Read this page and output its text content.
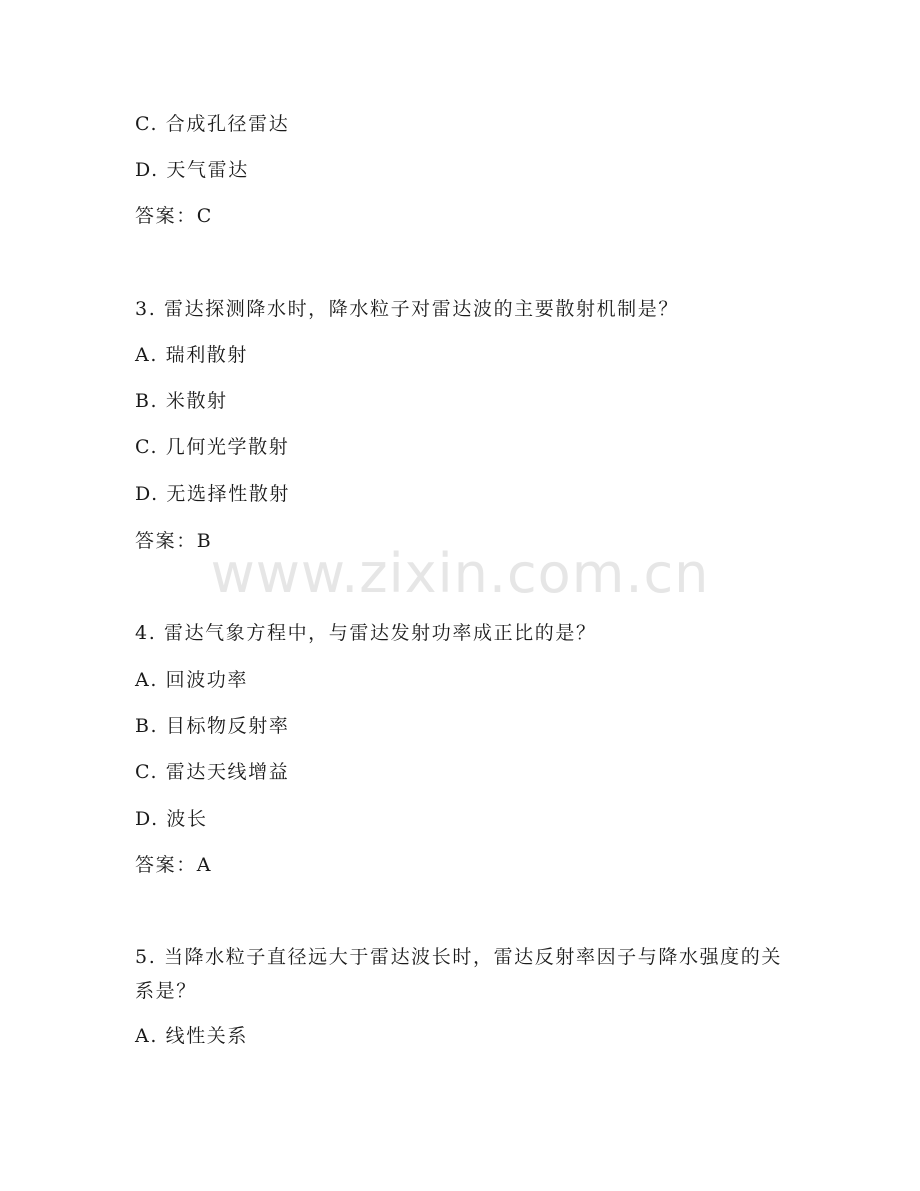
C. 合成孔径雷达
D. 天气雷达
答案：C
3. 雷达探测降水时，降水粒子对雷达波的主要散射机制是？
A. 瑞利散射
B. 米散射
C. 几何光学散射
D. 无选择性散射
答案：B
4. 雷达气象方程中，与雷达发射功率成正比的是？
A. 回波功率
B. 目标物反射率
C. 雷达天线增益
D. 波长
答案：A
5. 当降水粒子直径远大于雷达波长时，雷达反射率因子与降水强度的关系是？
A. 线性关系
www.zixin.com.cn
